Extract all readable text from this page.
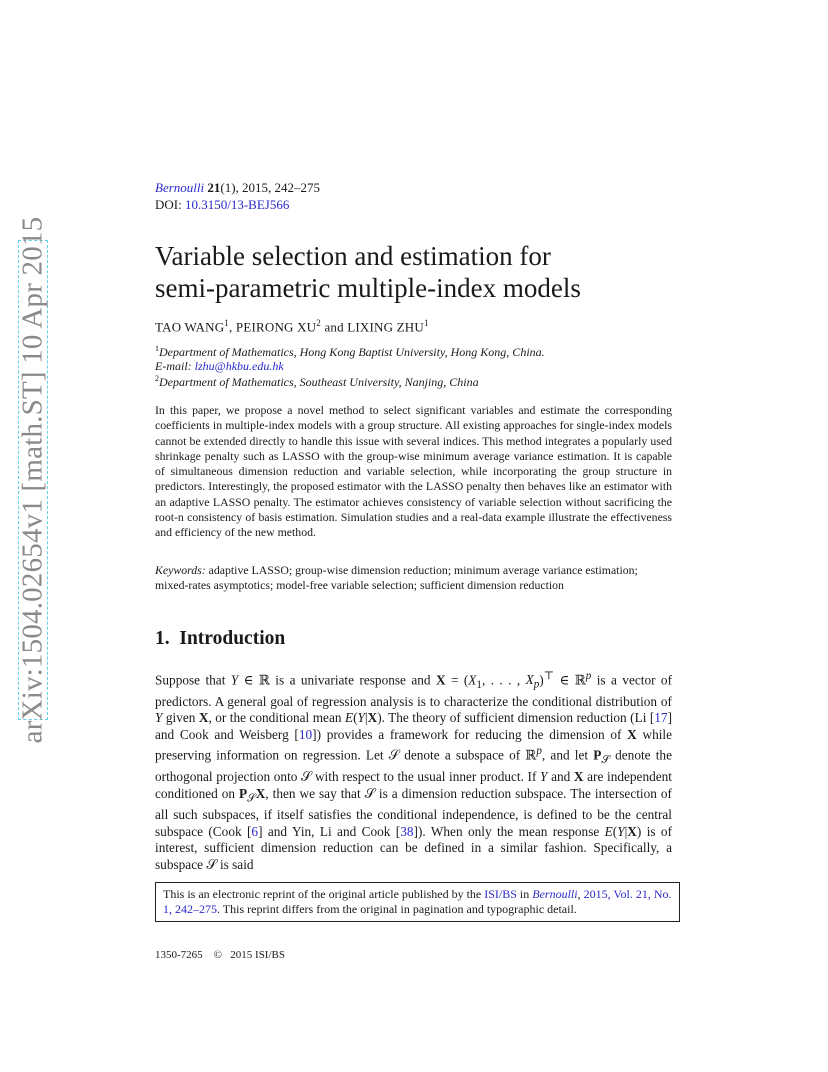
arXiv:1504.02654v1 [math.ST] 10 Apr 2015
Bernoulli 21(1), 2015, 242–275
DOI: 10.3150/13-BEJ566
Variable selection and estimation for
semi-parametric multiple-index models
TAO WANG$^1$, PEIRONG $XU^2$ and LIXING ZHU$^1$
$^1$Department of Mathematics, Hong Kong Baptist University, Hong Kong, China.
E-mail: lzhu@hkbu.edu.hk
$^2$Department of Mathematics, Southeast University, Nanjing, China

In this paper, we propose a novel method to select significant variables and estimate the corresponding coefficients in multiple-index models with a group structure. All existing approaches for single-index models cannot be extended directly to handle this issue with several indices. This method integrates a popularly used shrinkage penalty such as LASSO with the group-wise minimum average variance estimation. It is capable of simultaneous dimension reduction and variable selection, while incorporating the group structure in predictors. Interestingly, the proposed estimator with the LASSO penalty then behaves like an estimator with an adaptive LASSO penalty. The estimator achieves consistency of variable selection without sacrificing the root-n consistency of basis estimation. Simulation studies and a real-data example illustrate the effectiveness and efficiency of the new method.

Keywords: adaptive LASSO; group-wise dimension reduction; minimum average variance estimation; mixed-rates asymptotics; model-free variable selection; sufficient dimension reduction

1. Introduction

Suppose that Y ∈ ℝ is a univariate response and $X = (X_1$, . . . , $X_p)^⊤$ ∈ ℝ$^p$ is a vector of predictors. A general goal of regression analysis is to characterize the conditional distribution of Y given X, or the conditional mean E(Y|X). The theory of sufficient dimension reduction (Li [17] and Cook and Weisberg [10]) provides a framework for reducing the dimension of X while preserving information on regression. Let 𝒮 denote a subspace of ℝ$^p$, and let $P_𝒮$ denote the orthogonal projection onto 𝒮 with respect to the usual inner product. If Y and X are independent conditioned on $P_𝒮X$, then we say that 𝒮 is a dimension reduction subspace. The intersection of all such subspaces, if itself satisfies the conditional independence, is defined to be the central subspace (Cook [6] and Yin, Li and Cook [38]). When only the mean response E(Y|X) is of interest, sufficient dimension reduction can be defined in a similar fashion. Specifically, a subspace 𝒮 is said

This is an electronic reprint of the original article published by the ISI/BS in Bernoulli, 2015, Vol. 21, No. 1, 242–275. This reprint differs from the original in pagination and typographic detail.
1350-7265 © 2015 ISI/BS
